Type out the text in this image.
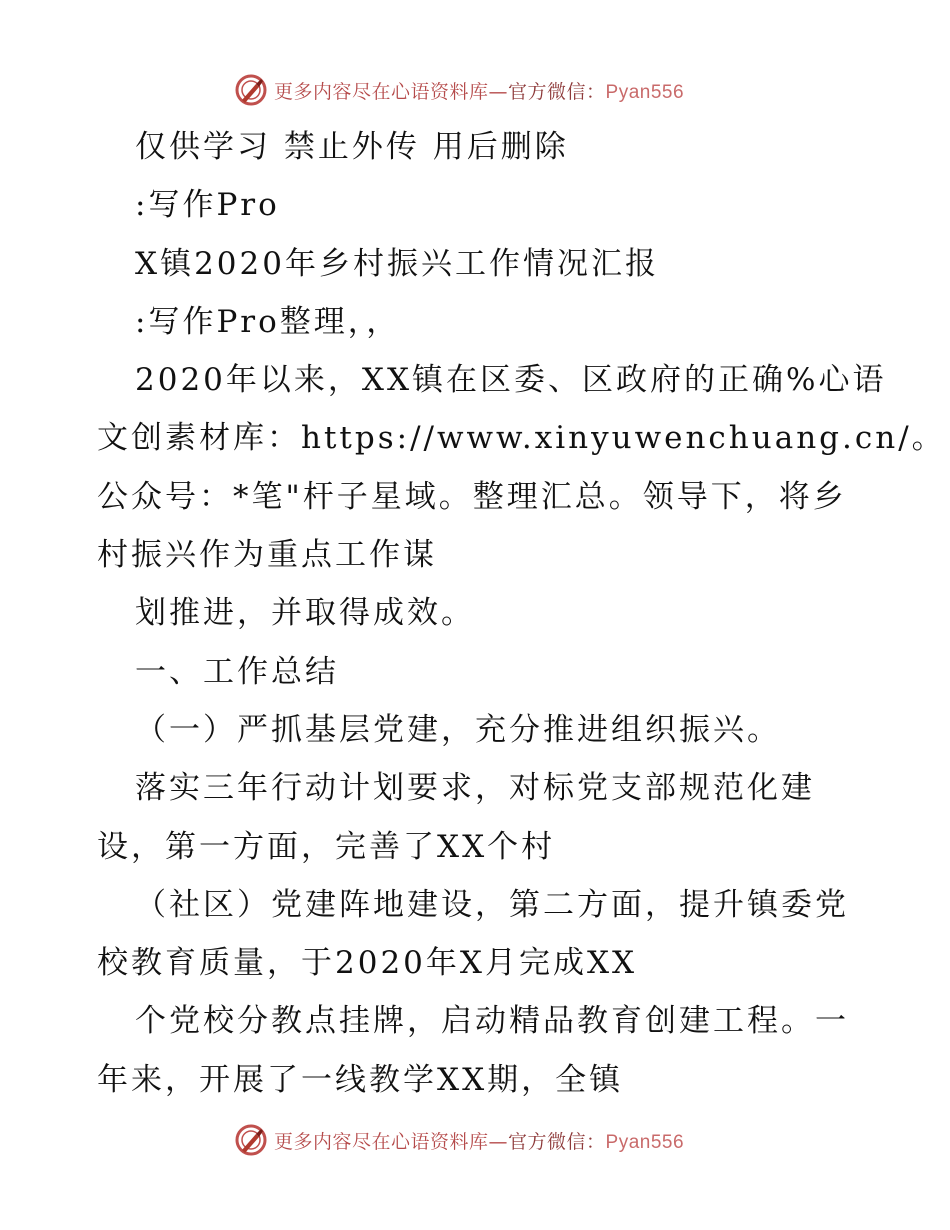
更多内容尽在心语资料库—官方微信：Pyan556
仅供学习 禁止外传 用后删除
:写作Pro
X镇2020年乡村振兴工作情况汇报
:写作Pro整理，，
2020年以来，XX镇在区委、区政府的正确%心语
文创素材库：https://www.xinyuwenchuang.cn/。
公众号：*笔"杆子星域。整理汇总。领导下，将乡
村振兴作为重点工作谋
划推进，并取得成效。
一、工作总结
（一）严抓基层党建，充分推进组织振兴。
落实三年行动计划要求，对标党支部规范化建
设，第一方面，完善了XX个村
（社区）党建阵地建设，第二方面，提升镇委党
校教育质量，于2020年X月完成XX
个党校分教点挂牌，启动精品教育创建工程。一
年来，开展了一线教学XX期，全镇
更多内容尽在心语资料库—官方微信：Pyan556
